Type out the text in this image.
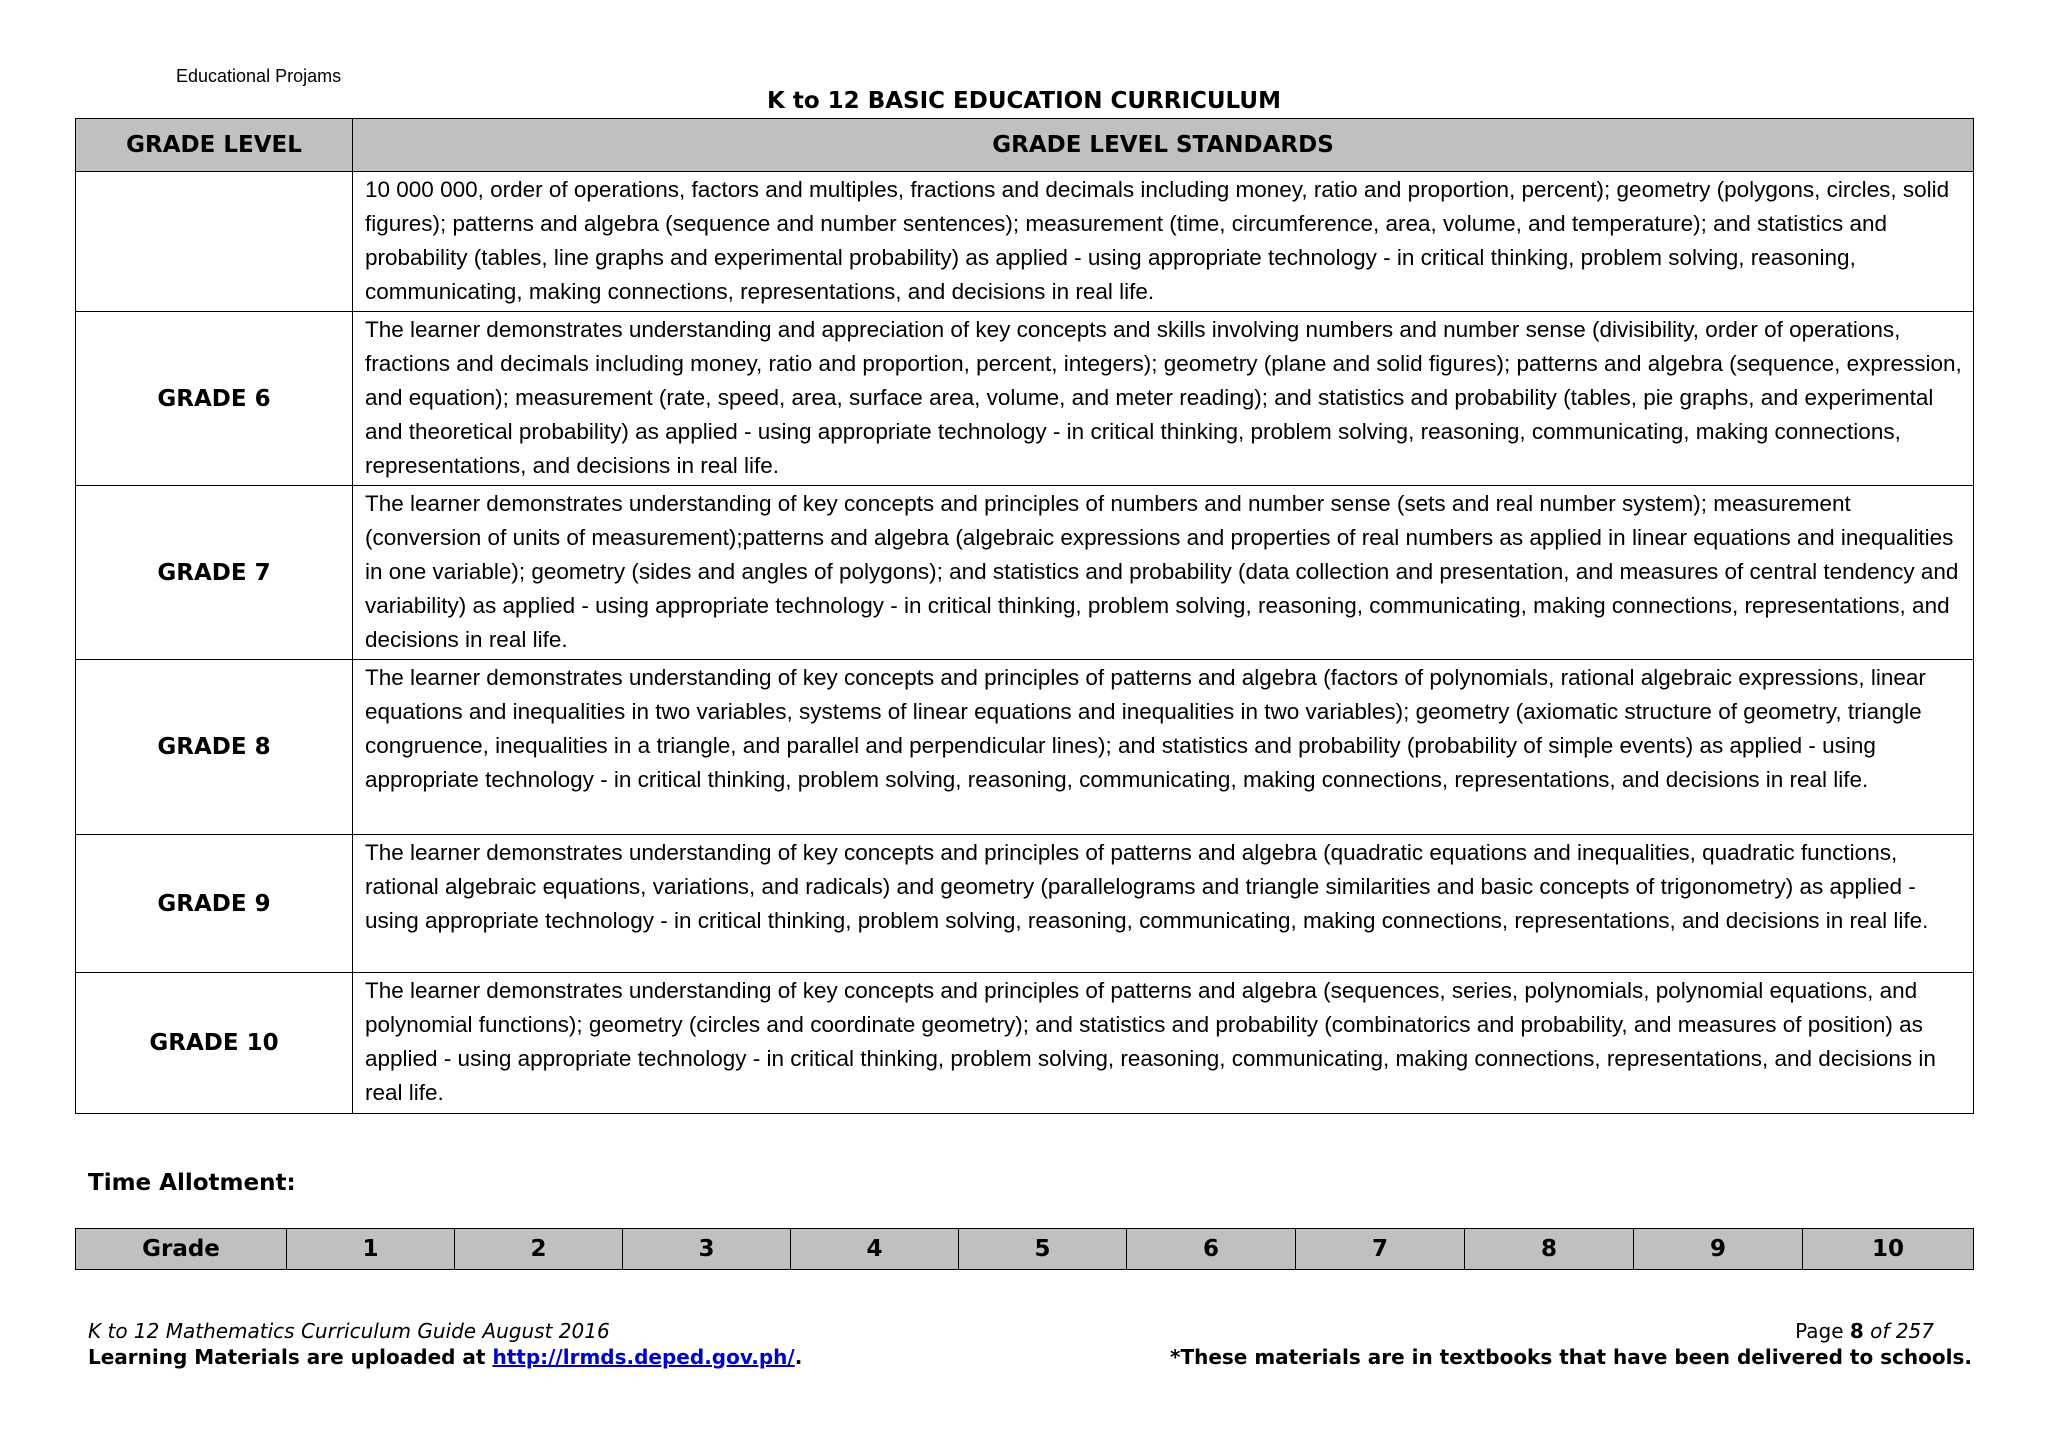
Educational Projams
K to 12 BASIC EDUCATION CURRICULUM
GRADE LEVEL	GRADE LEVEL STANDARDS
	10 000 000, order of operations, factors and multiples, fractions and decimals including money, ratio and proportion, percent); geometry (polygons, circles, solid figures); patterns and algebra (sequence and number sentences); measurement (time, circumference, area, volume, and temperature); and statistics and probability (tables, line graphs and experimental probability) as applied - using appropriate technology - in critical thinking, problem solving, reasoning, communicating, making connections, representations, and decisions in real life.
GRADE 6	The learner demonstrates understanding and appreciation of key concepts and skills involving numbers and number sense (divisibility, order of operations, fractions and decimals including money, ratio and proportion, percent, integers); geometry (plane and solid figures); patterns and algebra (sequence, expression, and equation); measurement (rate, speed, area, surface area, volume, and meter reading); and statistics and probability (tables, pie graphs, and experimental and theoretical probability) as applied - using appropriate technology - in critical thinking, problem solving, reasoning, communicating, making connections, representations, and decisions in real life.
GRADE 7	The learner demonstrates understanding of key concepts and principles of numbers and number sense (sets and real number system); measurement (conversion of units of measurement);patterns and algebra (algebraic expressions and properties of real numbers as applied in linear equations and inequalities in one variable); geometry (sides and angles of polygons); and statistics and probability (data collection and presentation, and measures of central tendency and variability) as applied - using appropriate technology - in critical thinking, problem solving, reasoning, communicating, making connections, representations, and decisions in real life.
GRADE 8	The learner demonstrates understanding of key concepts and principles of patterns and algebra (factors of polynomials, rational algebraic expressions, linear equations and inequalities in two variables, systems of linear equations and inequalities in two variables); geometry (axiomatic structure of geometry, triangle congruence, inequalities in a triangle, and parallel and perpendicular lines); and statistics and probability (probability of simple events) as applied - using appropriate technology - in critical thinking, problem solving, reasoning, communicating, making connections, representations, and decisions in real life.
GRADE 9	The learner demonstrates understanding of key concepts and principles of patterns and algebra (quadratic equations and inequalities, quadratic functions, rational algebraic equations, variations, and radicals) and geometry (parallelograms and triangle similarities and basic concepts of trigonometry) as applied - using appropriate technology - in critical thinking, problem solving, reasoning, communicating, making connections, representations, and decisions in real life.
GRADE 10	The learner demonstrates understanding of key concepts and principles of patterns and algebra (sequences, series, polynomials, polynomial equations, and polynomial functions); geometry (circles and coordinate geometry); and statistics and probability (combinatorics and probability, and measures of position) as applied - using appropriate technology - in critical thinking, problem solving, reasoning, communicating, making connections, representations, and decisions in real life.
Time Allotment:
Grade	1	2	3	4	5	6	7	8	9	10
K to 12 Mathematics Curriculum Guide August 2016
Learning Materials are uploaded at http://lrmds.deped.gov.ph/.
Page 8 of 257
*These materials are in textbooks that have been delivered to schools.
